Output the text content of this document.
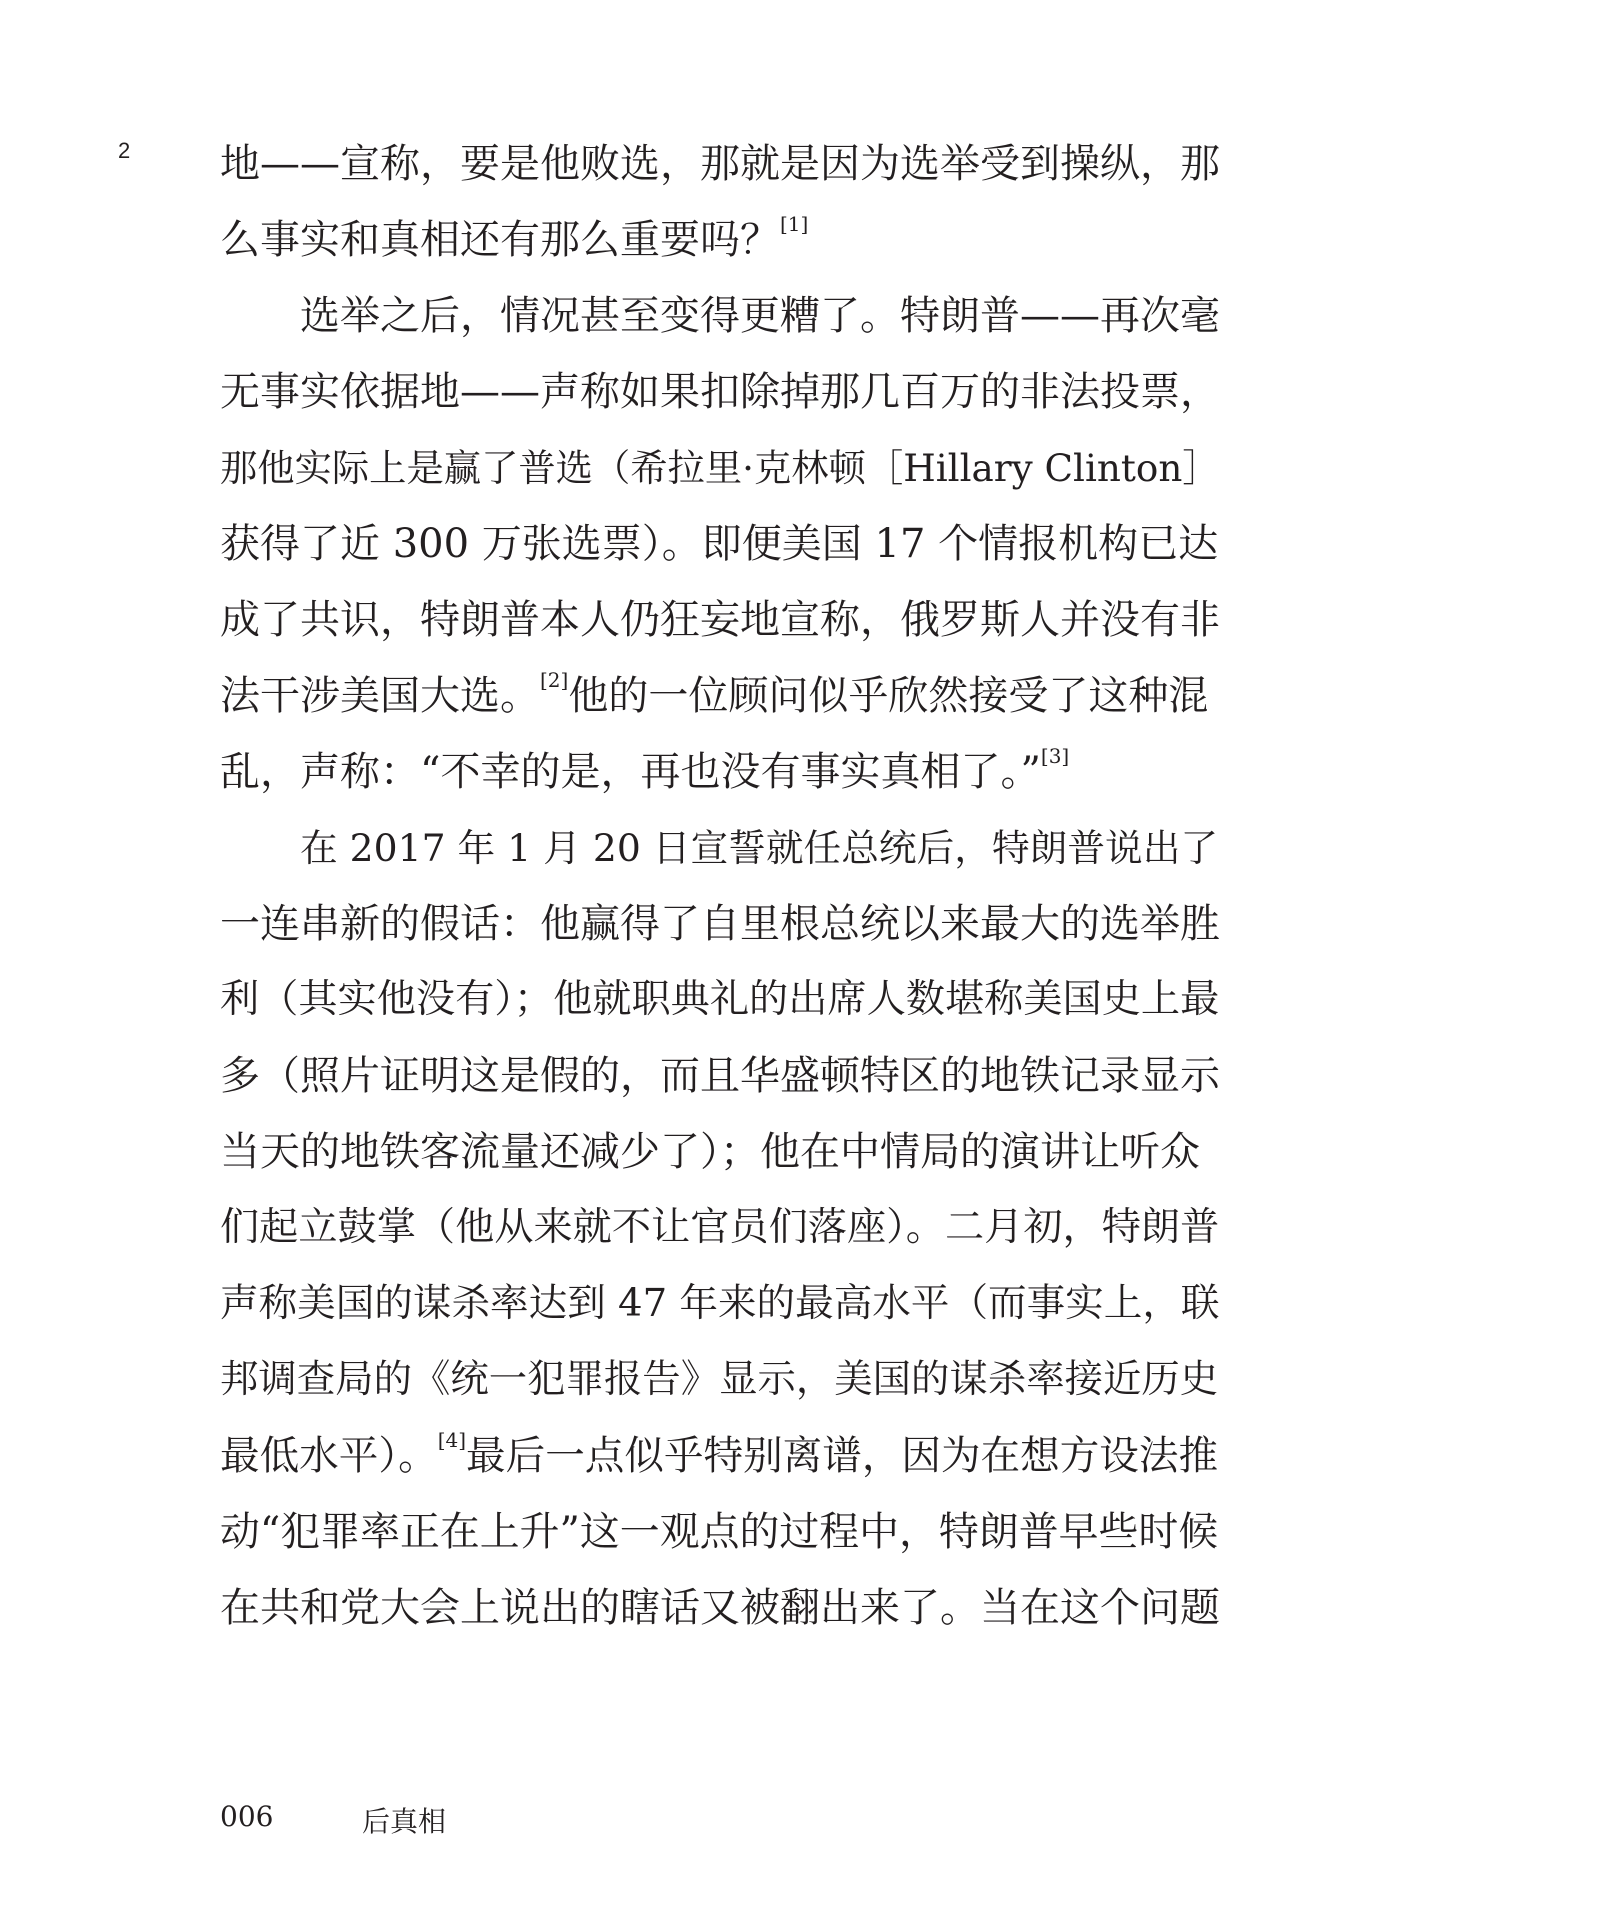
2 地——宣称，要是他败选，那就是因为选举受到操纵，那
么事实和真相还有那么重要吗？[1]
选举之后，情况甚至变得更糟了。特朗普——再次毫
无事实依据地——声称如果扣除掉那几百万的非法投票，
那他实际上是赢了普选（希拉里·克林顿［Hillary Clinton］
获得了近 300 万张选票）。即便美国 17 个情报机构已达
成了共识，特朗普本人仍狂妄地宣称，俄罗斯人并没有非
法干涉美国大选。[2]他的一位顾问似乎欣然接受了这种混
乱，声称：“不幸的是，再也没有事实真相了。”[3]
在 2017 年 1 月 20 日宣誓就任总统后，特朗普说出了
一连串新的假话：他赢得了自里根总统以来最大的选举胜
利（其实他没有）；他就职典礼的出席人数堪称美国史上最
多（照片证明这是假的，而且华盛顿特区的地铁记录显示
当天的地铁客流量还减少了）；他在中情局的演讲让听众
们起立鼓掌（他从来就不让官员们落座）。二月初，特朗普
声称美国的谋杀率达到 47 年来的最高水平（而事实上，联
邦调查局的《统一犯罪报告》显示，美国的谋杀率接近历史
最低水平）。[4]最后一点似乎特别离谱，因为在想方设法推
动“犯罪率正在上升”这一观点的过程中，特朗普早些时候
在共和党大会上说出的瞎话又被翻出来了。当在这个问题
006	后真相
